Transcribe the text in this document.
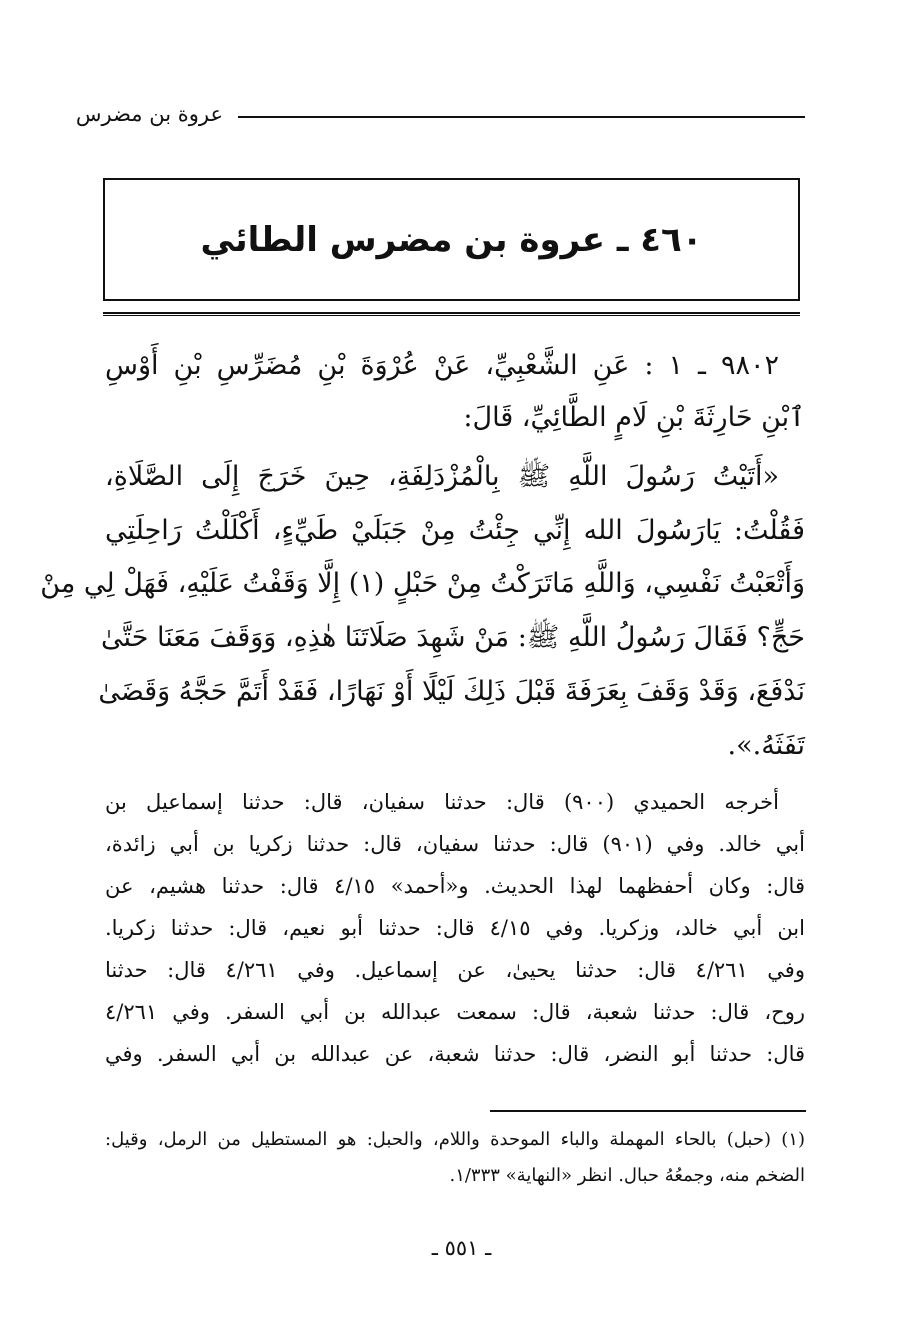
عروة بن مضرس
٤٦٠ ـ عروة بن مضرس الطائي
٩٨٠٢ ـ ١ : عَنِ الشَّعْبِيِّ، عَنْ عُرْوَةَ بْنِ مُضَرِّسِ بْنِ أَوْسِ
ٱبْنِ حَارِثَةَ بْنِ لَامٍ الطَّائِيِّ، قَالَ:
«أَتَيْتُ رَسُولَ اللَّهِ ﷺ بِالْمُزْدَلِفَةِ، حِينَ خَرَجَ إِلَى الصَّلَاةِ،
فَقُلْتُ: يَارَسُولَ الله إِنِّي جِئْتُ مِنْ جَبَلَيْ طَيِّءٍ، أَكْلَلْتُ رَاحِلَتِي
وَأَتْعَبْتُ نَفْسِي، وَاللَّهِ مَاتَرَكْتُ مِنْ حَبْلٍ (١) إِلَّا وَقَفْتُ عَلَيْهِ، فَهَلْ لِي مِنْ
حَجٍّ؟ فَقَالَ رَسُولُ اللَّهِ ﷺ: مَنْ شَهِدَ صَلَاتَنَا هٰذِهِ، وَوَقَفَ مَعَنَا حَتَّىٰ
نَدْفَعَ، وَقَدْ وَقَفَ بِعَرَفَةَ قَبْلَ ذَلِكَ لَيْلًا أَوْ نَهَارًا، فَقَدْ أَتَمَّ حَجَّهُ وَقَضَىٰ
تَفَثَهُ.».
أخرجه الحميدي (٩٠٠) قال: حدثنا سفيان، قال: حدثنا إسماعيل بن
أبي خالد. وفي (٩٠١) قال: حدثنا سفيان، قال: حدثنا زكريا بن أبي زائدة،
قال: وكان أحفظهما لهذا الحديث. و«أحمد» ٤/١٥ قال: حدثنا هشيم، عن
ابن أبي خالد، وزكريا. وفي ٤/١٥ قال: حدثنا أبو نعيم، قال: حدثنا زكريا.
وفي ٤/٢٦١ قال: حدثنا يحيىٰ، عن إسماعيل. وفي ٤/٢٦١ قال: حدثنا
روح، قال: حدثنا شعبة، قال: سمعت عبدالله بن أبي السفر. وفي ٤/٢٦١
قال: حدثنا أبو النضر، قال: حدثنا شعبة، عن عبدالله بن أبي السفر. وفي
(١) (حبل) بالحاء المهملة والباء الموحدة واللام، والحبل: هو المستطيل من الرمل، وقيل:
الضخم منه، وجمعُهُ حبال. انظر «النهاية» ١/٣٣٣.
ـ ٥٥١ ـ
